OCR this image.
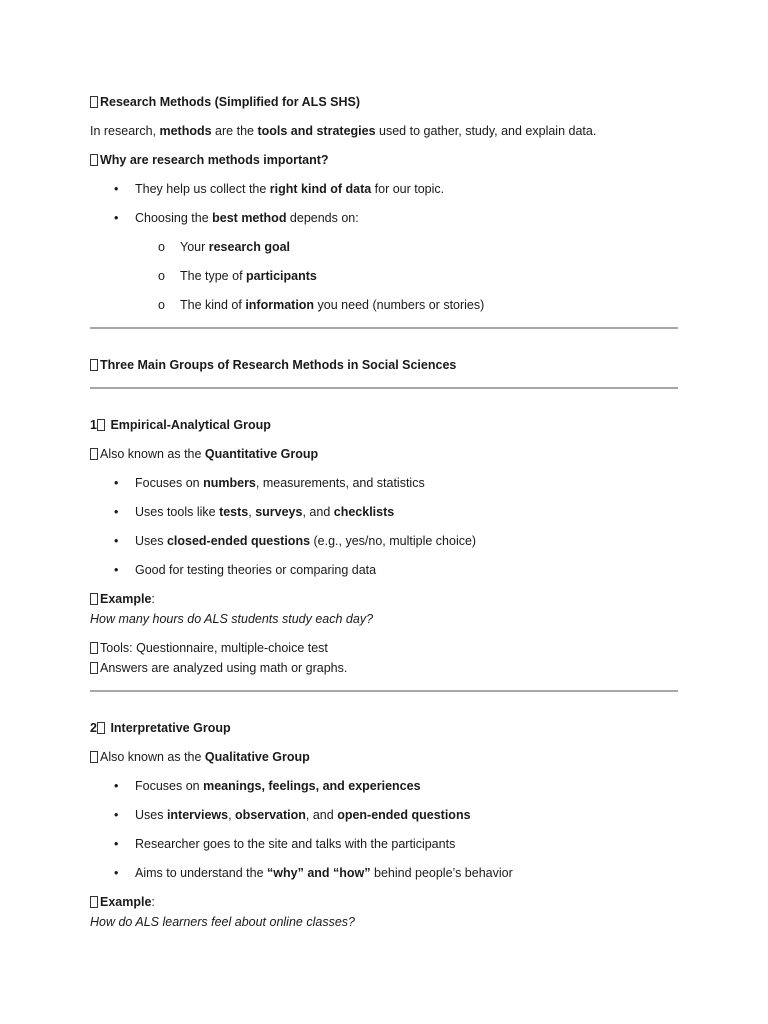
Research Methods (Simplified for ALS SHS)

In research, methods are the tools and strategies used to gather, study, and explain data.

Why are research methods important?

• They help us collect the right kind of data for our topic.
• Choosing the best method depends on:
o Your research goal
o The type of participants
o The kind of information you need (numbers or stories)

Three Main Groups of Research Methods in Social Sciences

1 Empirical-Analytical Group

Also known as the Quantitative Group

• Focuses on numbers, measurements, and statistics
• Uses tools like tests, surveys, and checklists
• Uses closed-ended questions (e.g., yes/no, multiple choice)
• Good for testing theories or comparing data

Example:

How many hours do ALS students study each day?

Tools: Questionnaire, multiple-choice test

Answers are analyzed using math or graphs.

2 Interpretative Group

Also known as the Qualitative Group

• Focuses on meanings, feelings, and experiences
• Uses interviews, observation, and open-ended questions
• Researcher goes to the site and talks with the participants
• Aims to understand the “why” and “how” behind people’s behavior

Example:

How do ALS learners feel about online classes?
